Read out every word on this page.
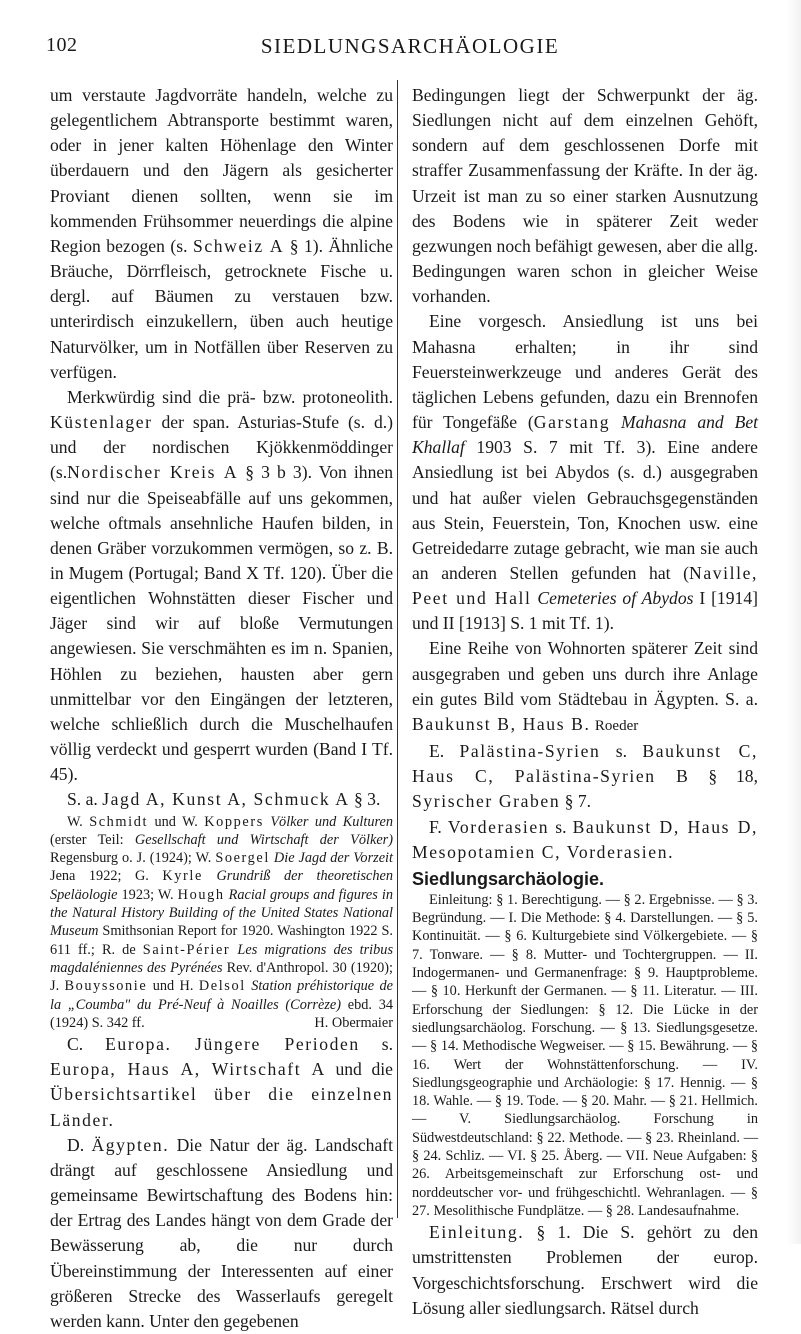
102	SIEDLUNGSARCHÄOLOGIE

um verstaute Jagdvorräte handeln, welche zu gelegentlichem Abtransporte bestimmt waren, oder in jener kalten Höhenlage den Winter überdauern und den Jägern als gesicherter Proviant dienen sollten, wenn sie im kommenden Frühsommer neuerdings die alpine Region bezogen (s. Schweiz A § 1). Ähnliche Bräuche, Dörrfleisch, getrocknete Fische u. dergl. auf Bäumen zu verstauen bzw. unterirdisch einzukellern, üben auch heutige Naturvölker, um in Notfällen über Reserven zu verfügen.

Merkwürdig sind die prä- bzw. protoneolith. Küstenlager der span. Asturias-Stufe (s. d.) und der nordischen Kjökkenmöddinger (s.Nordischer Kreis A § 3 b 3). Von ihnen sind nur die Speiseabfälle auf uns gekommen, welche oftmals ansehnliche Haufen bilden, in denen Gräber vorzukommen vermögen, so z. B. in Mugem (Portugal; Band X Tf. 120). Über die eigentlichen Wohnstätten dieser Fischer und Jäger sind wir auf bloße Vermutungen angewiesen. Sie verschmähten es im n. Spanien, Höhlen zu beziehen, hausten aber gern unmittelbar vor den Eingängen der letzteren, welche schließlich durch die Muschelhaufen völlig verdeckt und gesperrt wurden (Band I Tf. 45).

S. a. Jagd A, Kunst A, Schmuck A § 3.

W. Schmidt und W. Koppers Völker und Kulturen (erster Teil: Gesellschaft und Wirtschaft der Völker) Regensburg o. J. (1924); W. Soergel Die Jagd der Vorzeit Jena 1922; G. Kyrle Grundriß der theoretischen Speläologie 1923; W. Hough Racial groups and figures in the Natural History Building of the United States National Museum Smithsonian Report for 1920. Washington 1922 S. 611 ff.; R. de Saint-Périer Les migrations des tribus magdaléniennes des Pyrénées Rev. d'Anthropol. 30 (1920); J. Bouyssonie und H. Delsol Station préhistorique de la „Coumba" du Pré-Neuf à Noailles (Corrèze) ebd. 34 (1924) S. 342 ff.	H. Obermaier

C. Europa. Jüngere Perioden s. Europa, Haus A, Wirtschaft A und die Übersichtsartikel über die einzelnen Länder.

D. Ägypten. Die Natur der äg. Landschaft drängt auf geschlossene Ansiedlung und gemeinsame Bewirtschaftung des Bodens hin: der Ertrag des Landes hängt von dem Grade der Bewässerung ab, die nur durch Übereinstimmung der Interessenten auf einer größeren Strecke des Wasserlaufs geregelt werden kann. Unter den gegebenen

Bedingungen liegt der Schwerpunkt der äg. Siedlungen nicht auf dem einzelnen Gehöft, sondern auf dem geschlossenen Dorfe mit straffer Zusammenfassung der Kräfte. In der äg. Urzeit ist man zu so einer starken Ausnutzung des Bodens wie in späterer Zeit weder gezwungen noch befähigt gewesen, aber die allg. Bedingungen waren schon in gleicher Weise vorhanden.

Eine vorgesch. Ansiedlung ist uns bei Mahasna erhalten; in ihr sind Feuersteinwerkzeuge und anderes Gerät des täglichen Lebens gefunden, dazu ein Brennofen für Tongefäße (Garstang Mahasna and Bet Khallaf 1903 S. 7 mit Tf. 3). Eine andere Ansiedlung ist bei Abydos (s. d.) ausgegraben und hat außer vielen Gebrauchsgegenständen aus Stein, Feuerstein, Ton, Knochen usw. eine Getreidedarre zutage gebracht, wie man sie auch an anderen Stellen gefunden hat (Naville, Peet und Hall Cemeteries of Abydos I [1914] und II [1913] S. 1 mit Tf. 1).

Eine Reihe von Wohnorten späterer Zeit sind ausgegraben und geben uns durch ihre Anlage ein gutes Bild vom Städtebau in Ägypten. S. a. Baukunst B, Haus B. Roeder

E. Palästina-Syrien s. Baukunst C, Haus C, Palästina-Syrien B § 18, Syrischer Graben § 7.

F. Vorderasien s. Baukunst D, Haus D, Mesopotamien C, Vorderasien.

Siedlungsarchäologie.

Einleitung: § 1. Berechtigung. — § 2. Ergebnisse. — § 3. Begründung. — I. Die Methode: § 4. Darstellungen. — § 5. Kontinuität. — § 6. Kulturgebiete sind Völkergebiete. — § 7. Tonware. — § 8. Mutter- und Tochtergruppen. — II. Indogermanen- und Germanenfrage: § 9. Hauptprobleme. — § 10. Herkunft der Germanen. — § 11. Literatur. — III. Erforschung der Siedlungen: § 12. Die Lücke in der siedlungsarchäolog. Forschung. — § 13. Siedlungsgesetze. — § 14. Methodische Wegweiser. — § 15. Bewährung. — § 16. Wert der Wohnstättenforschung. — IV. Siedlungsgeographie und Archäologie: § 17. Hennig. — § 18. Wahle. — § 19. Tode. — § 20. Mahr. — § 21. Hellmich. — V. Siedlungsarchäolog. Forschung in Südwestdeutschland: § 22. Methode. — § 23. Rheinland. — § 24. Schliz. — VI. § 25. Åberg. — VII. Neue Aufgaben: § 26. Arbeitsgemeinschaft zur Erforschung ost- und norddeutscher vor- und frühgeschichtl. Wehranlagen. — § 27. Mesolithische Fundplätze. — § 28. Landesaufnahme.

Einleitung. § 1. Die S. gehört zu den umstrittensten Problemen der europ. Vorgeschichtsforschung. Erschwert wird die Lösung aller siedlungsarch. Rätsel durch
